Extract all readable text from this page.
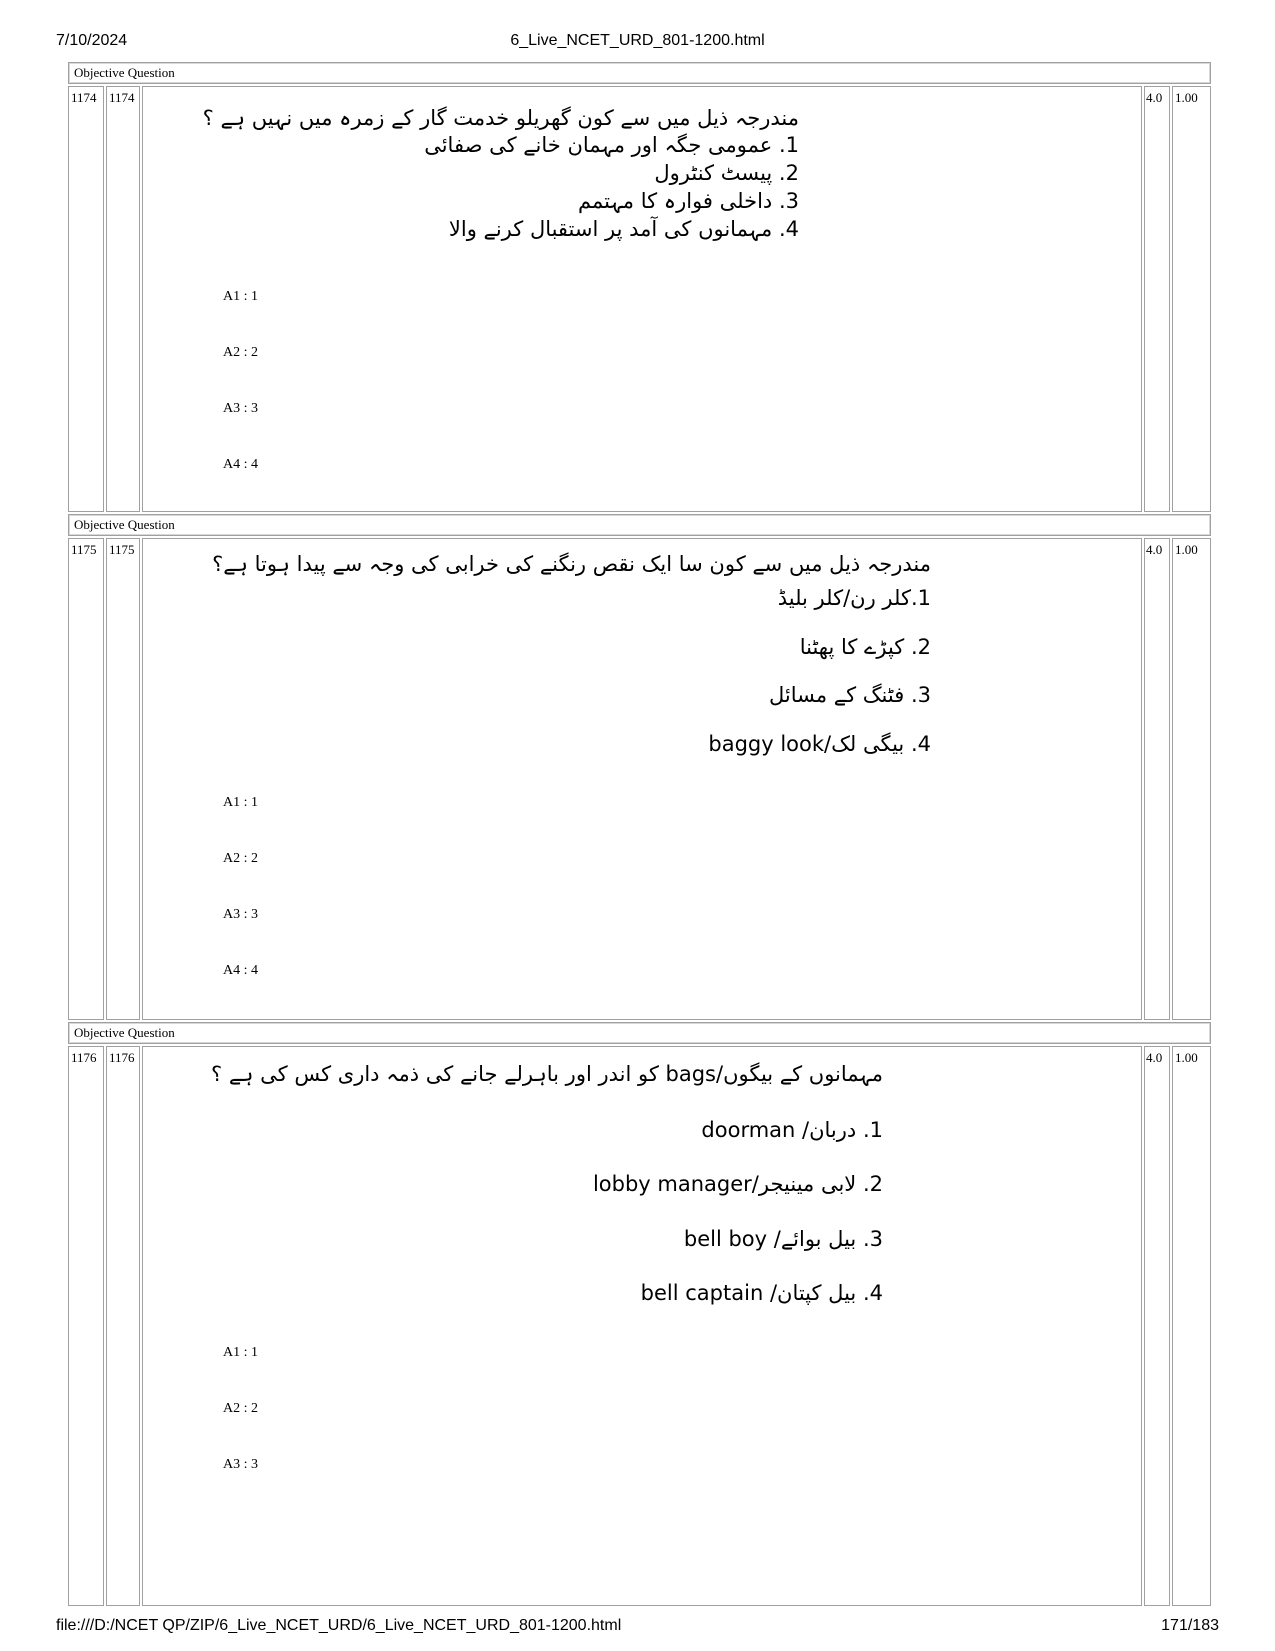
7/10/2024	6_Live_NCET_URD_801-1200.html
Objective Question
1174 1174
مندرجہ ذیل میں سے کون گھریلو خدمت گار کے زمرہ میں نہیں ہے ؟
1. عمومی جگہ اور مہمان خانے کی صفائی
2. پیسٹ کنٹرول
3. داخلی فوارہ کا مہتمم
4. مہمانوں کی آمد پر استقبال کرنے والا
A1 : 1
A2 : 2
A3 : 3
A4 : 4
4.0 1.00
Objective Question
1175 1175
مندرجہ ذیل میں سے کون سا ایک نقص رنگنے کی خرابی کی وجہ سے پیدا ہوتا ہے؟
1.کلر رن/کلر بلیڈ
2. کپڑے کا پھٹنا
3. فٹنگ کے مسائل
4. بیگی لک/baggy look
A1 : 1
A2 : 2
A3 : 3
A4 : 4
4.0 1.00
Objective Question
1176 1176
مہمانوں کے بیگوں/bags کو اندر اور باہرلے جانے کی ذمہ داری کس کی ہے ؟
1. دربان/ doorman
2. لابی مینیجر/lobby manager
3. بیل بوائے/ bell boy
4. بیل کپتان/ bell captain
A1 : 1
A2 : 2
A3 : 3
4.0 1.00
file:///D:/NCET QP/ZIP/6_Live_NCET_URD/6_Live_NCET_URD_801-1200.html	171/183
